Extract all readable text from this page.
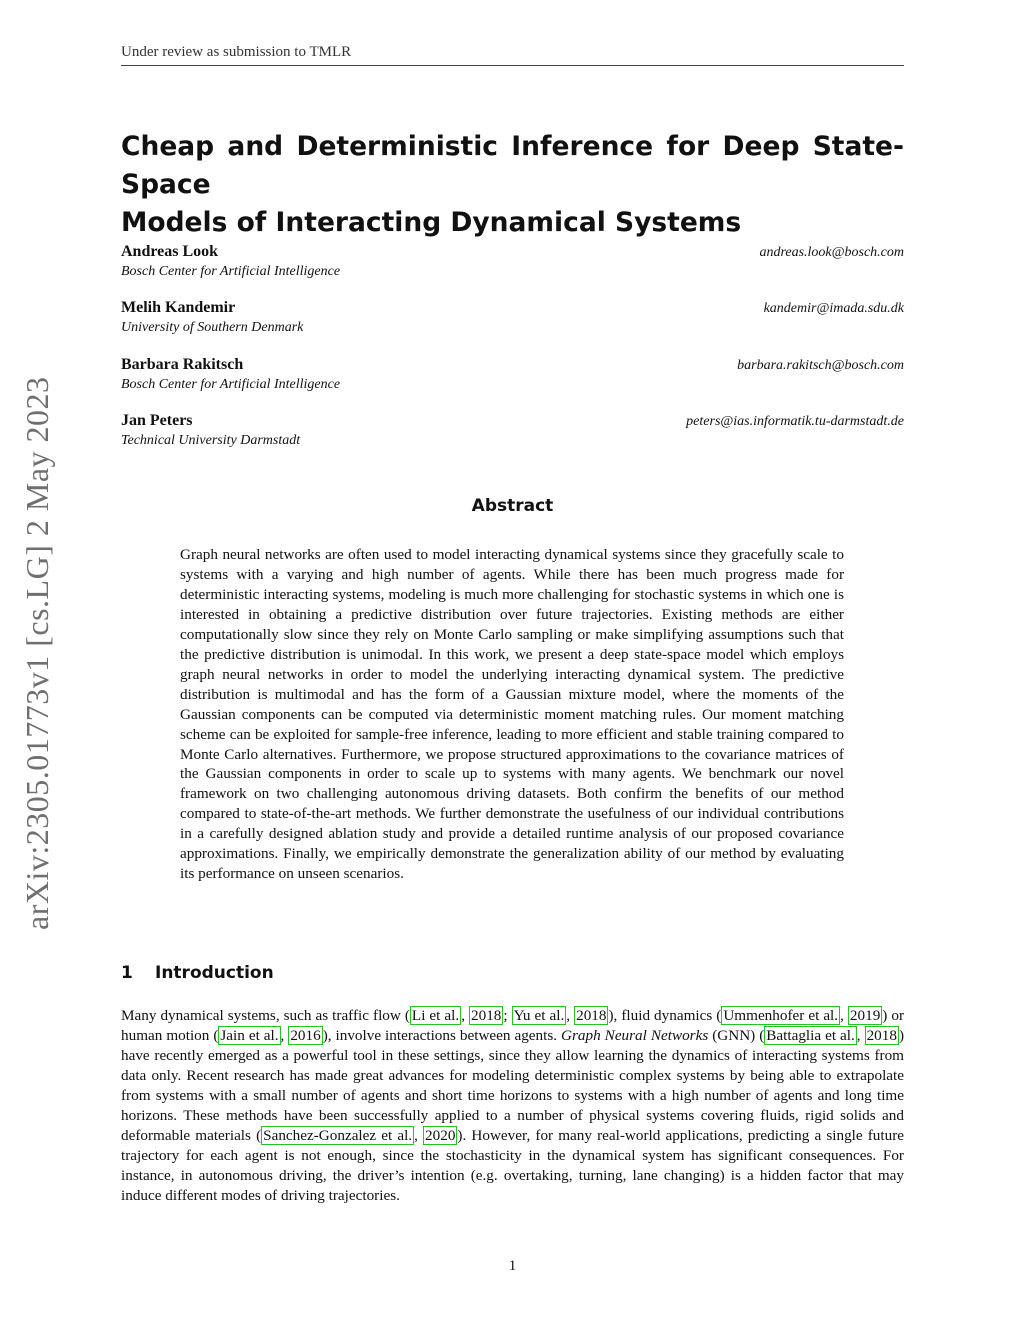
Under review as submission to TMLR
arXiv:2305.01773v1 [cs.LG] 2 May 2023
Cheap and Deterministic Inference for Deep State-Space
Models of Interacting Dynamical Systems
Andreas Look	andreas.look@bosch.com
Bosch Center for Artificial Intelligence
Melih Kandemir	kandemir@imada.sdu.dk
University of Southern Denmark
Barbara Rakitsch	barbara.rakitsch@bosch.com
Bosch Center for Artificial Intelligence
Jan Peters	peters@ias.informatik.tu-darmstadt.de
Technical University Darmstadt
Abstract

Graph neural networks are often used to model interacting dynamical systems since they gracefully scale to systems with a varying and high number of agents. While there has been much progress made for deterministic interacting systems, modeling is much more challenging for stochastic systems in which one is interested in obtaining a predictive distribution over future trajectories. Existing methods are either computationally slow since they rely on Monte Carlo sampling or make simplifying assumptions such that the predictive distribution is unimodal. In this work, we present a deep state-space model which employs graph neural networks in order to model the underlying interacting dynamical system. The predictive distribution is multimodal and has the form of a Gaussian mixture model, where the moments of the Gaussian components can be computed via deterministic moment matching rules. Our moment matching scheme can be exploited for sample-free inference, leading to more efficient and stable training compared to Monte Carlo alternatives. Furthermore, we propose structured approximations to the covariance matrices of the Gaussian components in order to scale up to systems with many agents. We benchmark our novel framework on two challenging autonomous driving datasets. Both confirm the benefits of our method compared to state-of-the-art methods. We further demonstrate the usefulness of our individual contributions in a carefully designed ablation study and provide a detailed runtime analysis of our proposed covariance approximations. Finally, we empirically demonstrate the generalization ability of our method by evaluating its performance on unseen scenarios.

1 Introduction

Many dynamical systems, such as traffic flow ( Li et al. , 2018 ; Yu et al. , 2018 ), fluid dynamics ( Ummenhofer et al. , 2019 ) or human motion ( Jain et al. , 2016 ), involve interactions between agents. Graph Neural Networks (GNN) ( Battaglia et al. , 2018 ) have recently emerged as a powerful tool in these settings, since they allow learning the dynamics of interacting systems from data only. Recent research has made great advances for modeling deterministic complex systems by being able to extrapolate from systems with a small number of agents and short time horizons to systems with a high number of agents and long time horizons. These methods have been successfully applied to a number of physical systems covering fluids, rigid solids and deformable materials ( Sanchez-Gonzalez et al. , 2020 ). However, for many real-world applications, predicting a single future trajectory for each agent is not enough, since the stochasticity in the dynamical system has significant consequences. For instance, in autonomous driving, the driver’s intention (e.g. overtaking, turning, lane changing) is a hidden factor that may induce different modes of driving trajectories.

1
